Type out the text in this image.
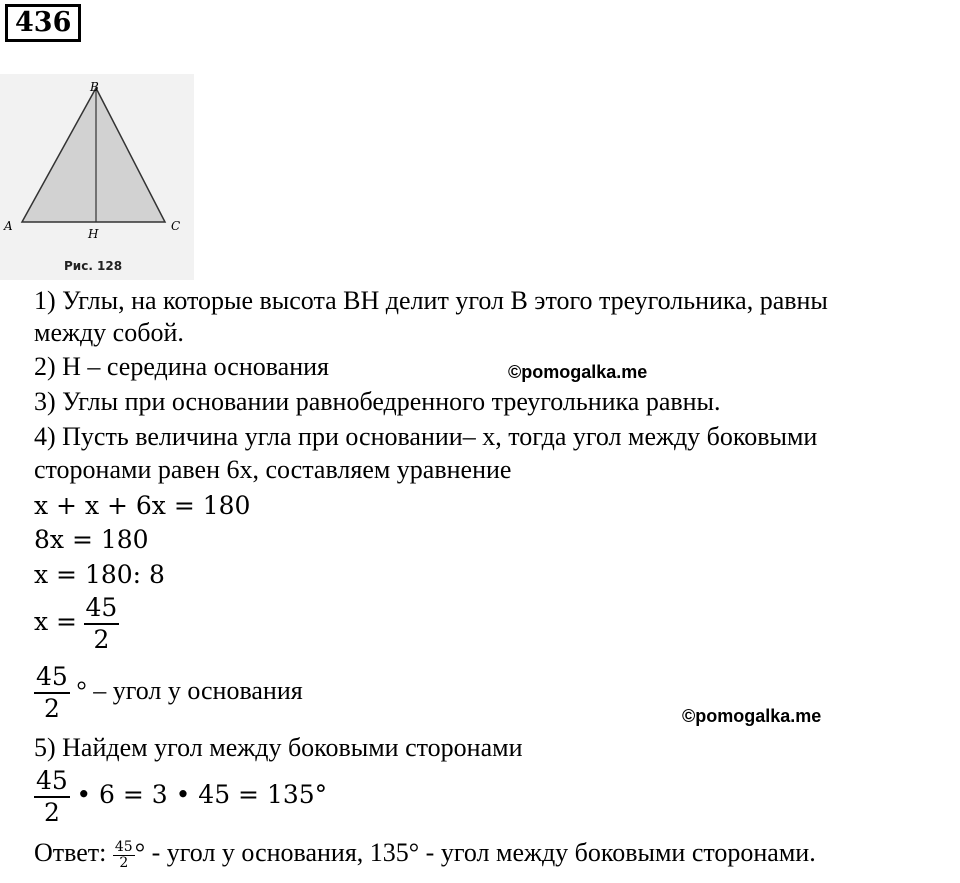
436
B
A	C
H
Рис. 128
1) Углы, на которые высота ВН делит угол В этого треугольника, равны
между собой.
2) Н – середина основания
3) Углы при основании равнобедренного треугольника равны.
4) Пусть величина угла при основании– х, тогда угол между боковыми
сторонами равен 6х, составляем уравнение
x + x + 6x = 180
8x = 180
x = 180: 8
$x = \frac{45}{2}$
$\frac{45}{2}$ ° – угол у основания
5) Найдем угол между боковыми сторонами
$\frac{45}{2}$ • 6 = 3 • 45 = 135°
Ответ: $\frac{45}{2}$ ° - угол у основания, 135° - угол между боковыми сторонами.
©pomogalka.me
©pomogalka.me
